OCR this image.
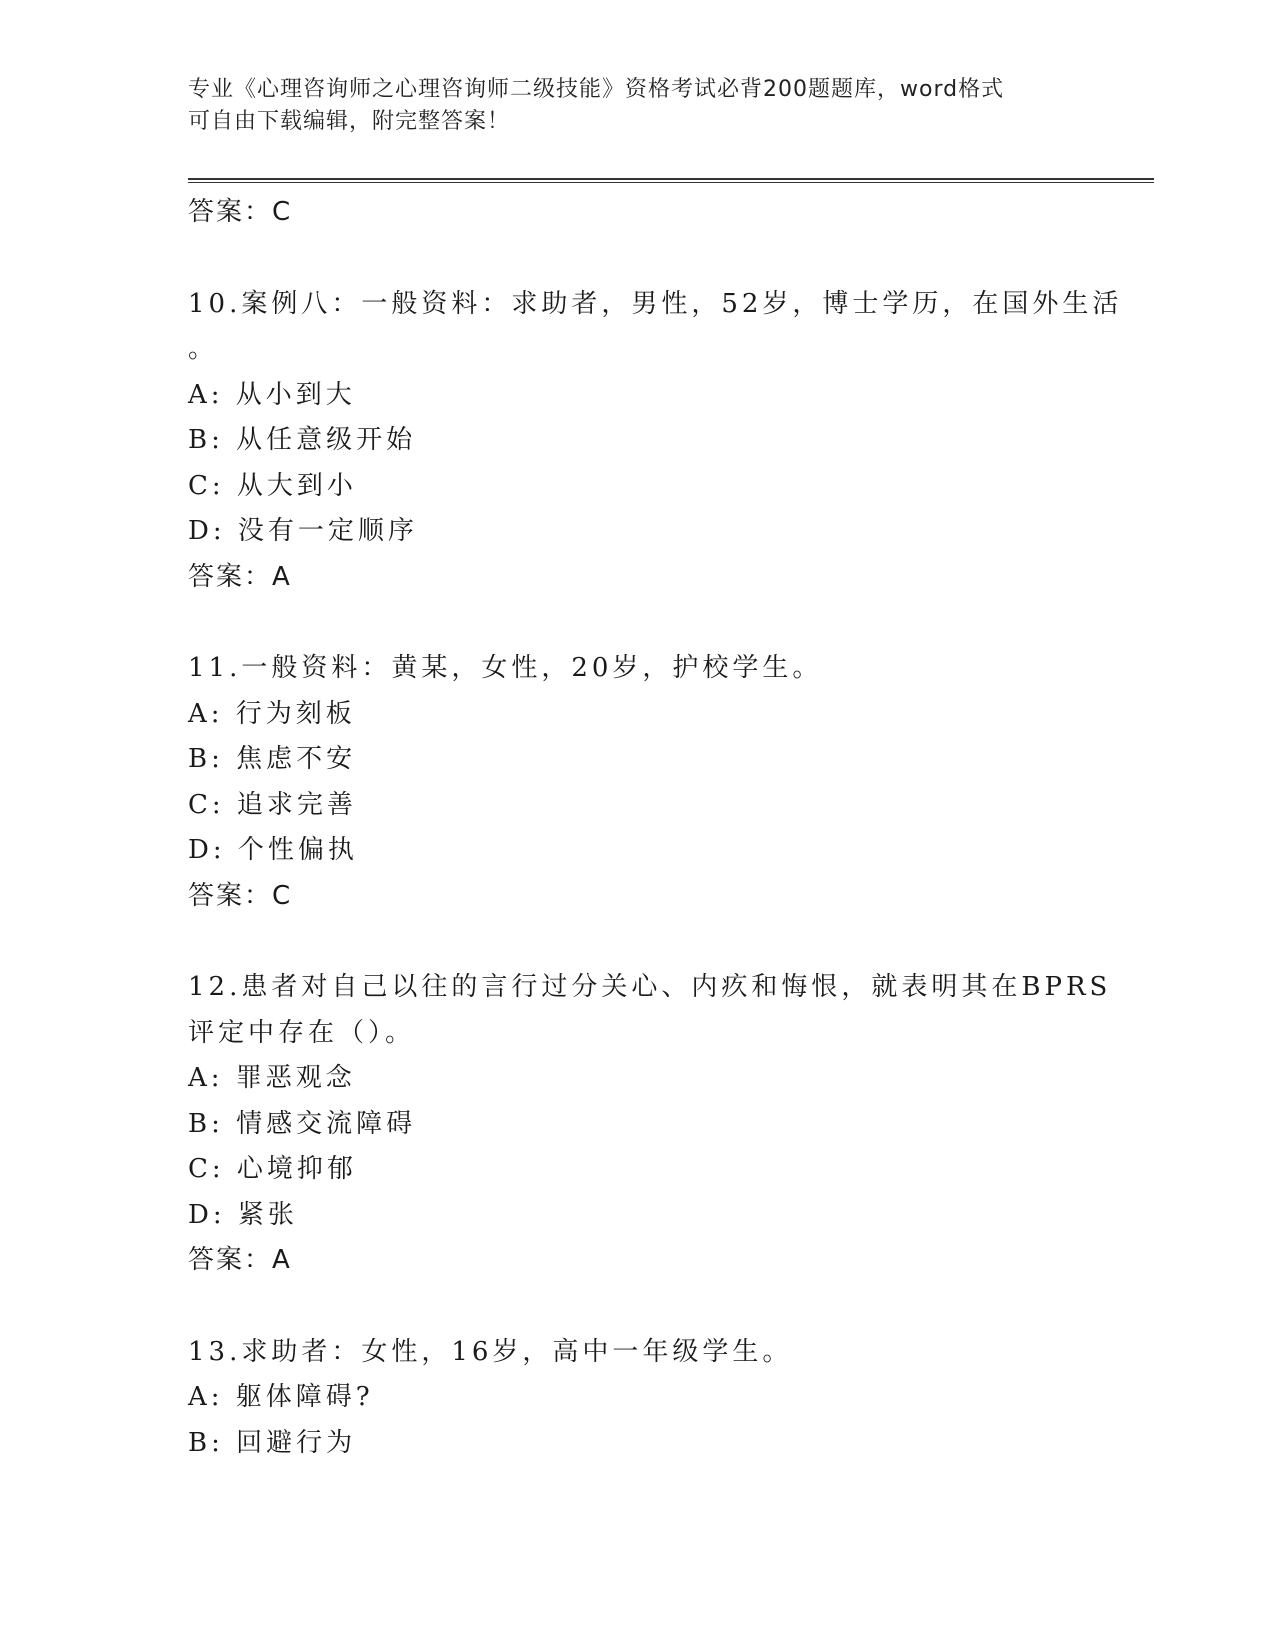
专业《心理咨询师之心理咨询师二级技能》资格考试必背200题题库，word格式
可自由下载编辑，附完整答案！
答案：C
10.案例八：一般资料：求助者，男性，52岁，博士学历，在国外生活
。
A: 从小到大
B: 从任意级开始
C: 从大到小
D: 没有一定顺序
答案：A
11.一般资料：黄某，女性，20岁，护校学生。
A: 行为刻板
B: 焦虑不安
C: 追求完善
D: 个性偏执
答案：C
12.患者对自己以往的言行过分关心、内疚和悔恨，就表明其在BPRS
评定中存在（）。
A: 罪恶观念
B: 情感交流障碍
C: 心境抑郁
D: 紧张
答案：A
13.求助者：女性，16岁，高中一年级学生。
A: 躯体障碍?
B: 回避行为
